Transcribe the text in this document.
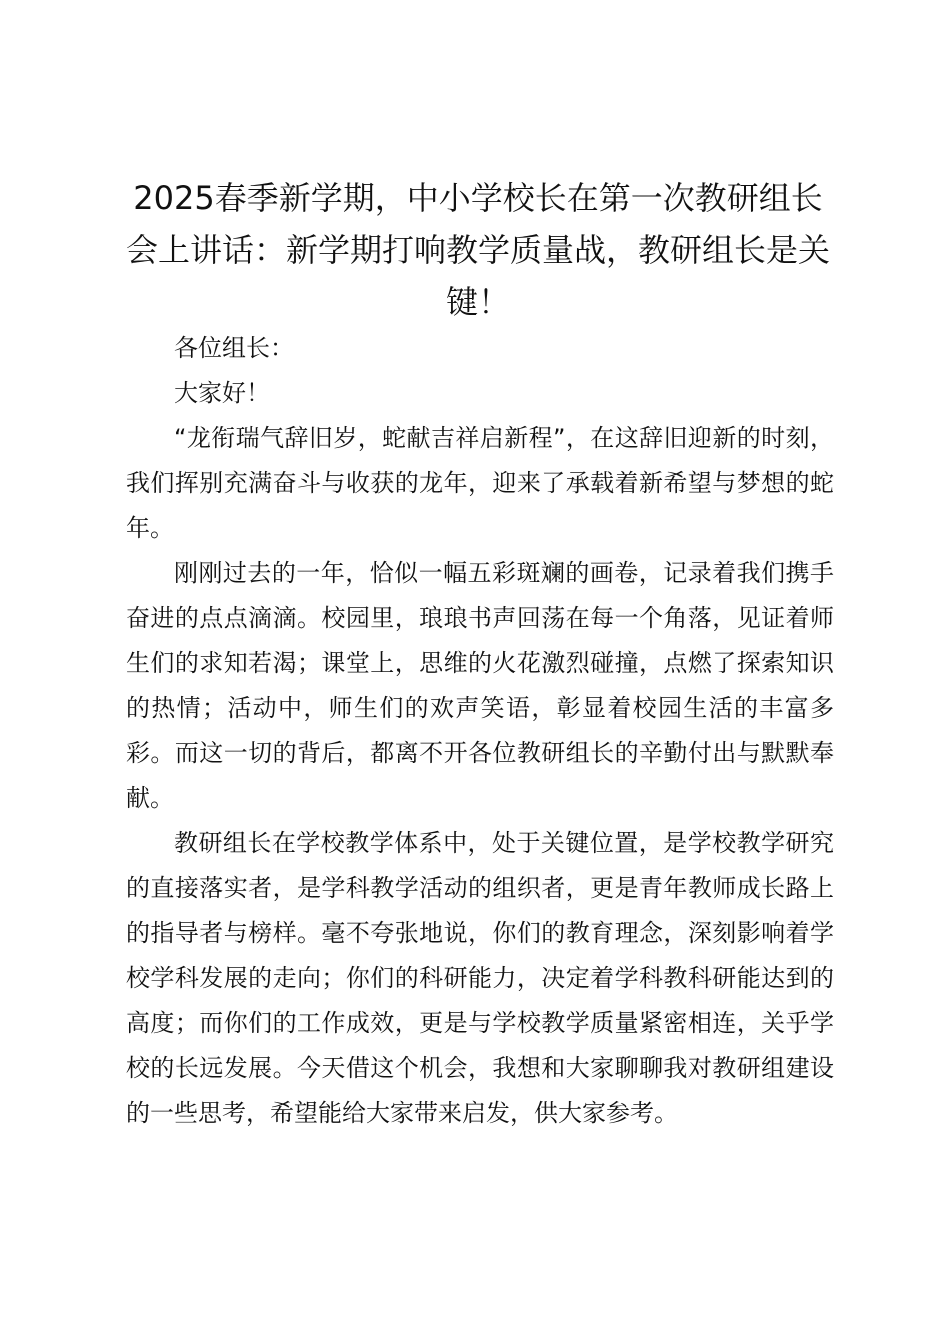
2025春季新学期，中小学校长在第一次教研组长会上讲话：新学期打响教学质量战，教研组长是关键！

各位组长：

大家好！

“龙衔瑞气辞旧岁，蛇献吉祥启新程”，在这辞旧迎新的时刻，我们挥别充满奋斗与收获的龙年，迎来了承载着新希望与梦想的蛇年。

刚刚过去的一年，恰似一幅五彩斑斓的画卷，记录着我们携手奋进的点点滴滴。校园里，琅琅书声回荡在每一个角落，见证着师生们的求知若渴；课堂上，思维的火花激烈碰撞，点燃了探索知识的热情；活动中，师生们的欢声笑语，彰显着校园生活的丰富多彩。而这一切的背后，都离不开各位教研组长的辛勤付出与默默奉献。

教研组长在学校教学体系中，处于关键位置，是学校教学研究的直接落实者，是学科教学活动的组织者，更是青年教师成长路上的指导者与榜样。毫不夸张地说，你们的教育理念，深刻影响着学校学科发展的走向；你们的科研能力，决定着学科教科研能达到的高度；而你们的工作成效，更是与学校教学质量紧密相连，关乎学校的长远发展。今天借这个机会，我想和大家聊聊我对教研组建设的一些思考，希望能给大家带来启发，供大家参考。
